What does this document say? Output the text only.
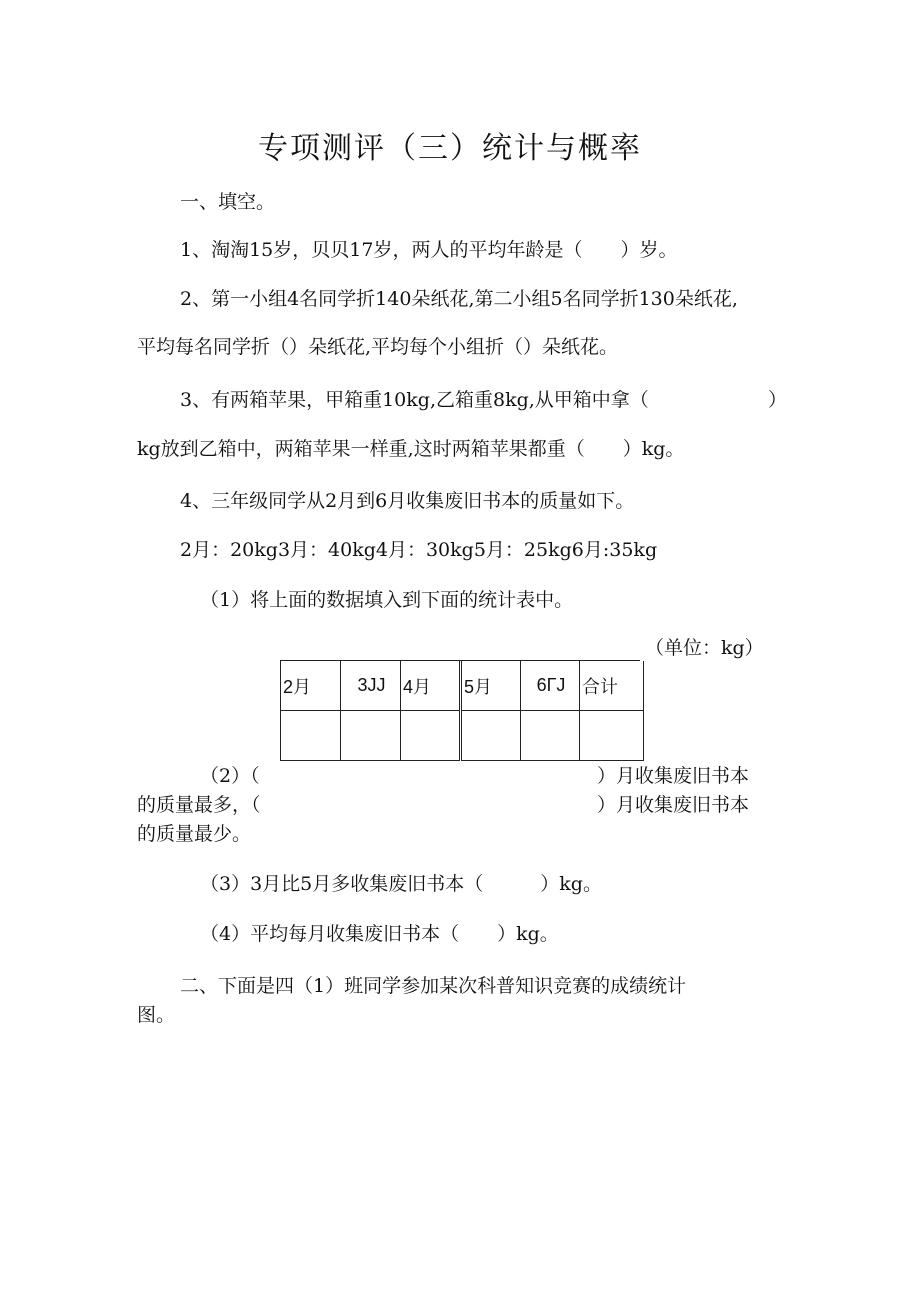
专项测评（三）统计与概率
一、填空。
1、淘淘15岁，贝贝17岁，两人的平均年龄是（　　）岁。
2、第一小组4名同学折140朵纸花,第二小组5名同学折130朵纸花,
平均每名同学折（）朵纸花,平均每个小组折（）朵纸花。
3、有两箱苹果，甲箱重10kg,乙箱重8kg,从甲箱中拿（	）
kg放到乙箱中，两箱苹果一样重,这时两箱苹果都重（　　）kg。
4、三年级同学从2月到6月收集废旧书本的质量如下。
2月：20kg3月：40kg4月：30kg5月：25kg6月:35kg
（1）将上面的数据填入到下面的统计表中。
（单位：kg）
2月	3JJ	4月	5月	6ГJ	合计

（2）（	）月收集废旧书本
的质量最多，（	）月收集废旧书本
的质量最少。
（3）3月比5月多收集废旧书本（　　　）kg。
（4）平均每月收集废旧书本（　　）kg。
二、下面是四（1）班同学参加某次科普知识竞赛的成绩统计
图。
